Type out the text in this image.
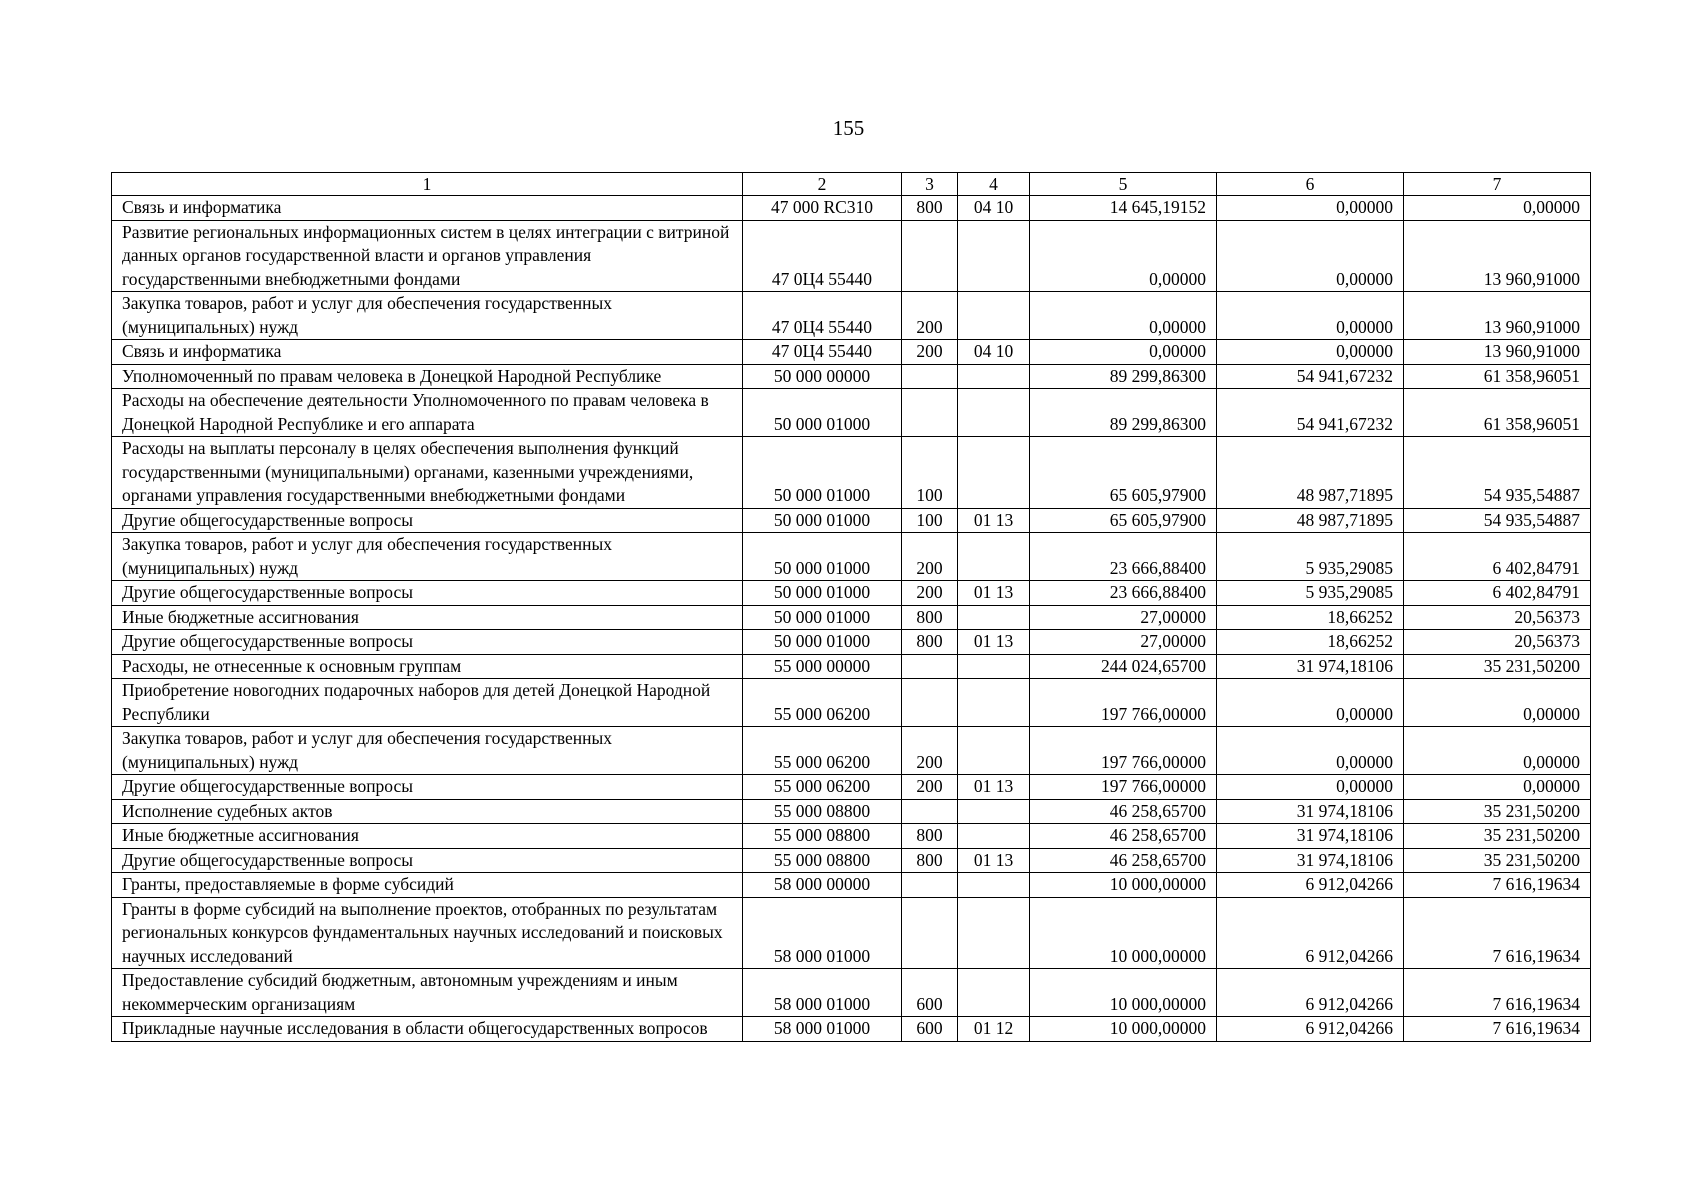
155
1	2	3	4	5	6	7
Связь и информатика	47 000 RC310	800	04 10	14 645,19152	0,00000	0,00000
Развитие региональных информационных систем в целях интеграции с витриной данных органов государственной власти и органов управления государственными внебюджетными фондами	47 0Ц4 55440			0,00000	0,00000	13 960,91000
Закупка товаров, работ и услуг для обеспечения государственных (муниципальных) нужд	47 0Ц4 55440	200		0,00000	0,00000	13 960,91000
Связь и информатика	47 0Ц4 55440	200	04 10	0,00000	0,00000	13 960,91000
Уполномоченный по правам человека в Донецкой Народной Республике	50 000 00000			89 299,86300	54 941,67232	61 358,96051
Расходы на обеспечение деятельности Уполномоченного по правам человека в Донецкой Народной Республике и его аппарата	50 000 01000			89 299,86300	54 941,67232	61 358,96051
Расходы на выплаты персоналу в целях обеспечения выполнения функций государственными (муниципальными) органами, казенными учреждениями, органами управления государственными внебюджетными фондами	50 000 01000	100		65 605,97900	48 987,71895	54 935,54887
Другие общегосударственные вопросы	50 000 01000	100	01 13	65 605,97900	48 987,71895	54 935,54887
Закупка товаров, работ и услуг для обеспечения государственных (муниципальных) нужд	50 000 01000	200		23 666,88400	5 935,29085	6 402,84791
Другие общегосударственные вопросы	50 000 01000	200	01 13	23 666,88400	5 935,29085	6 402,84791
Иные бюджетные ассигнования	50 000 01000	800		27,00000	18,66252	20,56373
Другие общегосударственные вопросы	50 000 01000	800	01 13	27,00000	18,66252	20,56373
Расходы, не отнесенные к основным группам	55 000 00000			244 024,65700	31 974,18106	35 231,50200
Приобретение новогодних подарочных наборов для детей Донецкой Народной Республики	55 000 06200			197 766,00000	0,00000	0,00000
Закупка товаров, работ и услуг для обеспечения государственных (муниципальных) нужд	55 000 06200	200		197 766,00000	0,00000	0,00000
Другие общегосударственные вопросы	55 000 06200	200	01 13	197 766,00000	0,00000	0,00000
Исполнение судебных актов	55 000 08800			46 258,65700	31 974,18106	35 231,50200
Иные бюджетные ассигнования	55 000 08800	800		46 258,65700	31 974,18106	35 231,50200
Другие общегосударственные вопросы	55 000 08800	800	01 13	46 258,65700	31 974,18106	35 231,50200
Гранты, предоставляемые в форме субсидий	58 000 00000			10 000,00000	6 912,04266	7 616,19634
Гранты в форме субсидий на выполнение проектов, отобранных по результатам региональных конкурсов фундаментальных научных исследований и поисковых научных исследований	58 000 01000			10 000,00000	6 912,04266	7 616,19634
Предоставление субсидий бюджетным, автономным учреждениям и иным некоммерческим организациям	58 000 01000	600		10 000,00000	6 912,04266	7 616,19634
Прикладные научные исследования в области общегосударственных вопросов	58 000 01000	600	01 12	10 000,00000	6 912,04266	7 616,19634
